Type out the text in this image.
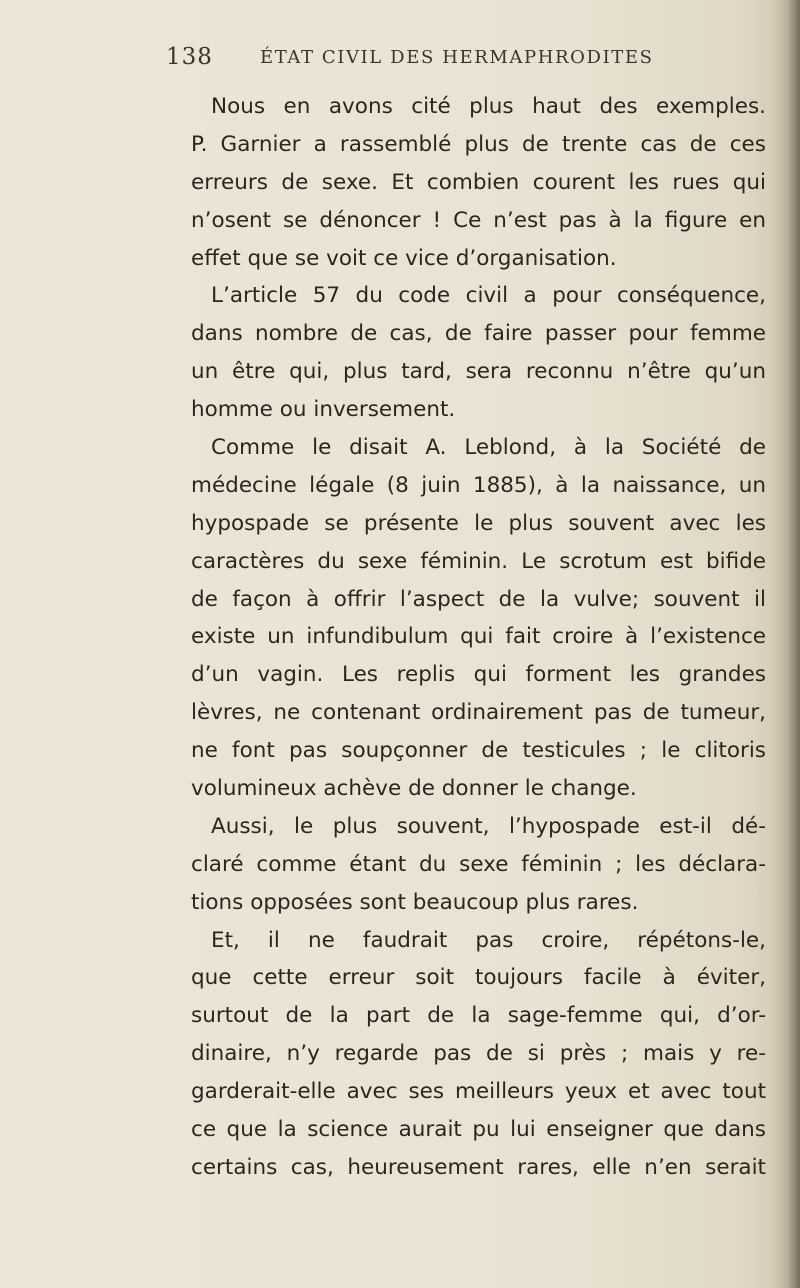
138	ÉTAT CIVIL DES HERMAPHRODITES
Nous en avons cité plus haut des exemples.
P. Garnier a rassemblé plus de trente cas de ces
erreurs de sexe. Et combien courent les rues qui
n’osent se dénoncer ! Ce n’est pas à la figure en
effet que se voit ce vice d’organisation.
L’article 57 du code civil a pour conséquence,
dans nombre de cas, de faire passer pour femme
un être qui, plus tard, sera reconnu n’être qu’un
homme ou inversement.
Comme le disait A. Leblond, à la Société de
médecine légale (8 juin 1885), à la naissance, un
hypospade se présente le plus souvent avec les
caractères du sexe féminin. Le scrotum est bifide
de façon à offrir l’aspect de la vulve; souvent il
existe un infundibulum qui fait croire à l’existence
d’un vagin. Les replis qui forment les grandes
lèvres, ne contenant ordinairement pas de tumeur,
ne font pas soupçonner de testicules ; le clitoris
volumineux achève de donner le change.
Aussi, le plus souvent, l’hypospade est-il dé-
claré comme étant du sexe féminin ; les déclara-
tions opposées sont beaucoup plus rares.
Et, il ne faudrait pas croire, répétons-le,
que cette erreur soit toujours facile à éviter,
surtout de la part de la sage-femme qui, d’or-
dinaire, n’y regarde pas de si près ; mais y re-
garderait-elle avec ses meilleurs yeux et avec tout
ce que la science aurait pu lui enseigner que dans
certains cas, heureusement rares, elle n’en serait
